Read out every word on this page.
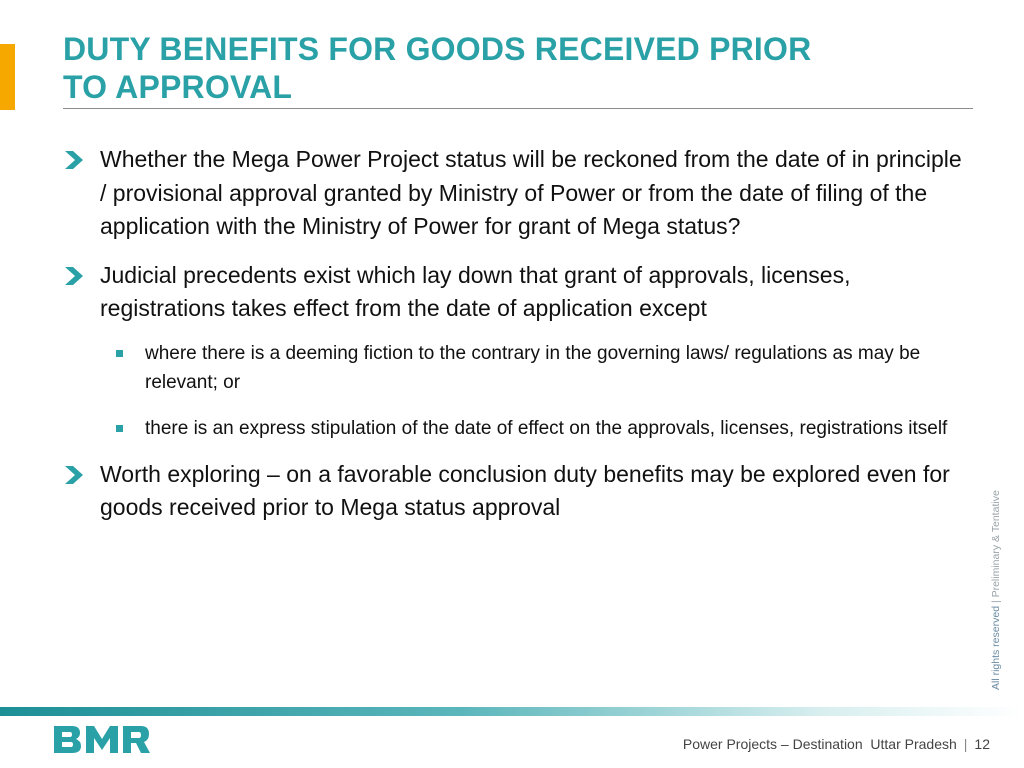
DUTY BENEFITS FOR GOODS RECEIVED PRIOR
TO APPROVAL
Whether the Mega Power Project status will be reckoned from the date of in principle / provisional approval granted by Ministry of Power or from the date of filing of the application with the Ministry of Power for grant of Mega status?
Judicial precedents exist which lay down that grant of approvals, licenses, registrations takes effect from the date of application except
where there is a deeming fiction to the contrary in the governing laws/ regulations as may be relevant; or
there is an express stipulation of the date of effect on the approvals, licenses, registrations itself
Worth exploring – on a favorable conclusion duty benefits may be explored even for goods received prior to Mega status approval
All rights reserved | Preliminary & Tentative
Power Projects – Destination  Uttar Pradesh | 12
